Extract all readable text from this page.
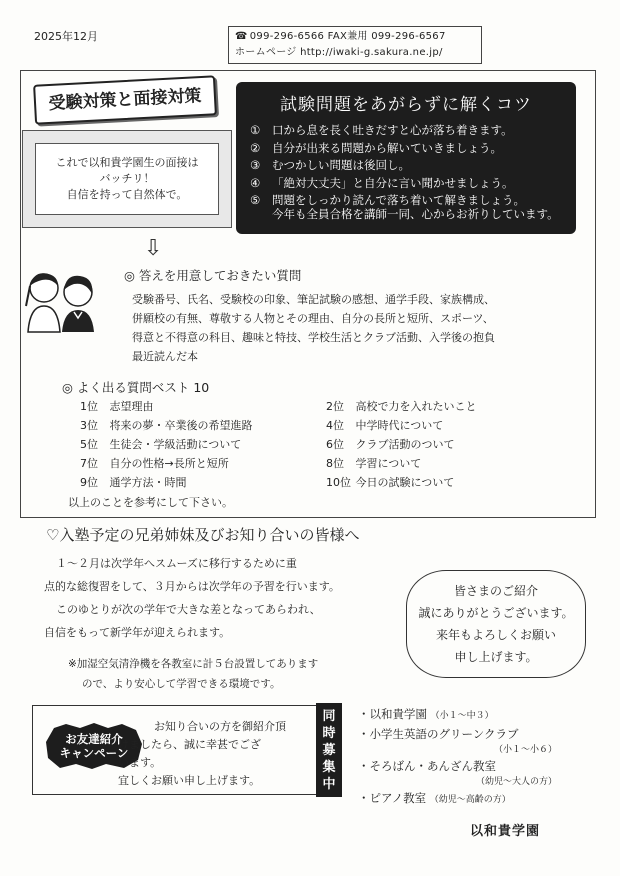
2025年12月	☎ 099-296-6566 FAX兼用 099-296-6567
ホームページ http://iwaki-g.sakura.ne.jp/
これで以和貴学園生の面接は
バッチリ！
自信を持って自然体で。
受験対策と面接対策	試験問題をあがらずに解くコツ
① 口から息を長く吐きだすと心が落ち着きます。
② 自分が出来る問題から解いていきましょう。
③ むつかしい問題は後回し。
④ 「絶対大丈夫」と自分に言い聞かせましょう。
⑤ 問題をしっかり読んで落ち着いて解きましょう。
今年も全員合格を講師一同、心からお祈りしています。
⇩
◎ 答えを用意しておきたい質問
受験番号、氏名、受験校の印象、筆記試験の感想、通学手段、家族構成、
併願校の有無、尊敬する人物とその理由、自分の長所と短所、スポーツ、
得意と不得意の科目、趣味と特技、学校生活とクラブ活動、入学後の抱負
最近読んだ本
◎ よく出る質問ベスト 10
1位 志望理由	2位 高校で力を入れたいこと
3位 将来の夢・卒業後の希望進路	4位 中学時代について
5位 生徒会・学級活動について	6位 クラブ活動のついて
7位 自分の性格→長所と短所	8位 学習について
9位 通学方法・時間	10位 今日の試験について
以上のことを参考にして下さい。
♡入塾予定の兄弟姉妹及びお知り合いの皆様へ
１～２月は次学年へスムーズに移行するために重
点的な総復習をして、３月からは次学年の予習を行います。
このゆとりが次の学年で大きな差となってあらわれ、
自信をもって新学年が迎えられます。
※加湿空気清浄機を各教室に計５台設置してあります
ので、より安心して学習できる環境です。
皆さまのご紹介
誠にありがとうございます。
来年もよろしくお願い
申し上げます。
お友達紹介
キャンペーン
お知り合いの方を御紹介頂
けましたら、誠に幸甚でござ
います。
宜しくお願い申し上げます。
同
時
募
集
中
・以和貴学園 （小１～中３）
・小学生英語のグリーンクラブ
（小１～小６）
・そろばん・あんざん教室
（幼児～大人の方）
・ピアノ教室 （幼児～高齢の方）
以和貴学園
